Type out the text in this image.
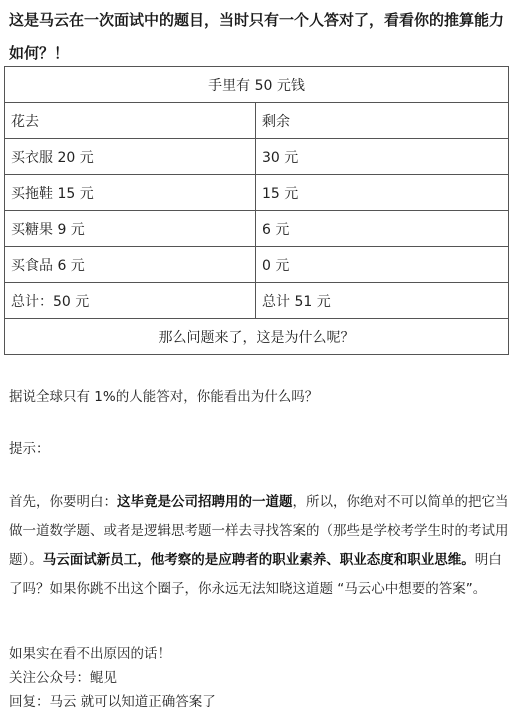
这是马云在一次面试中的题目，当时只有一个人答对了，看看你的推算能力如何？！

手里有 50 元钱	
花去	剩余
买衣服 20 元	30 元
买拖鞋 15 元	15 元
买糖果 9 元	6 元
买食品 6 元	0 元
总计：50 元	总计 51 元
那么问题来了，这是为什么呢？	

据说全球只有 1%的人能答对，你能看出为什么吗？

提示：

首先，你要明白：这毕竟是公司招聘用的一道题，所以，你绝对不可以简单的把它当做一道数学题、或者是逻辑思考题一样去寻找答案的（那些是学校考学生时的考试用题）。马云面试新员工，他考察的是应聘者的职业素养、职业态度和职业思维。明白了吗？如果你跳不出这个圈子，你永远无法知晓这道题 “马云心中想要的答案”。

如果实在看不出原因的话！

关注公众号：鲲见

回复：马云 就可以知道正确答案了
